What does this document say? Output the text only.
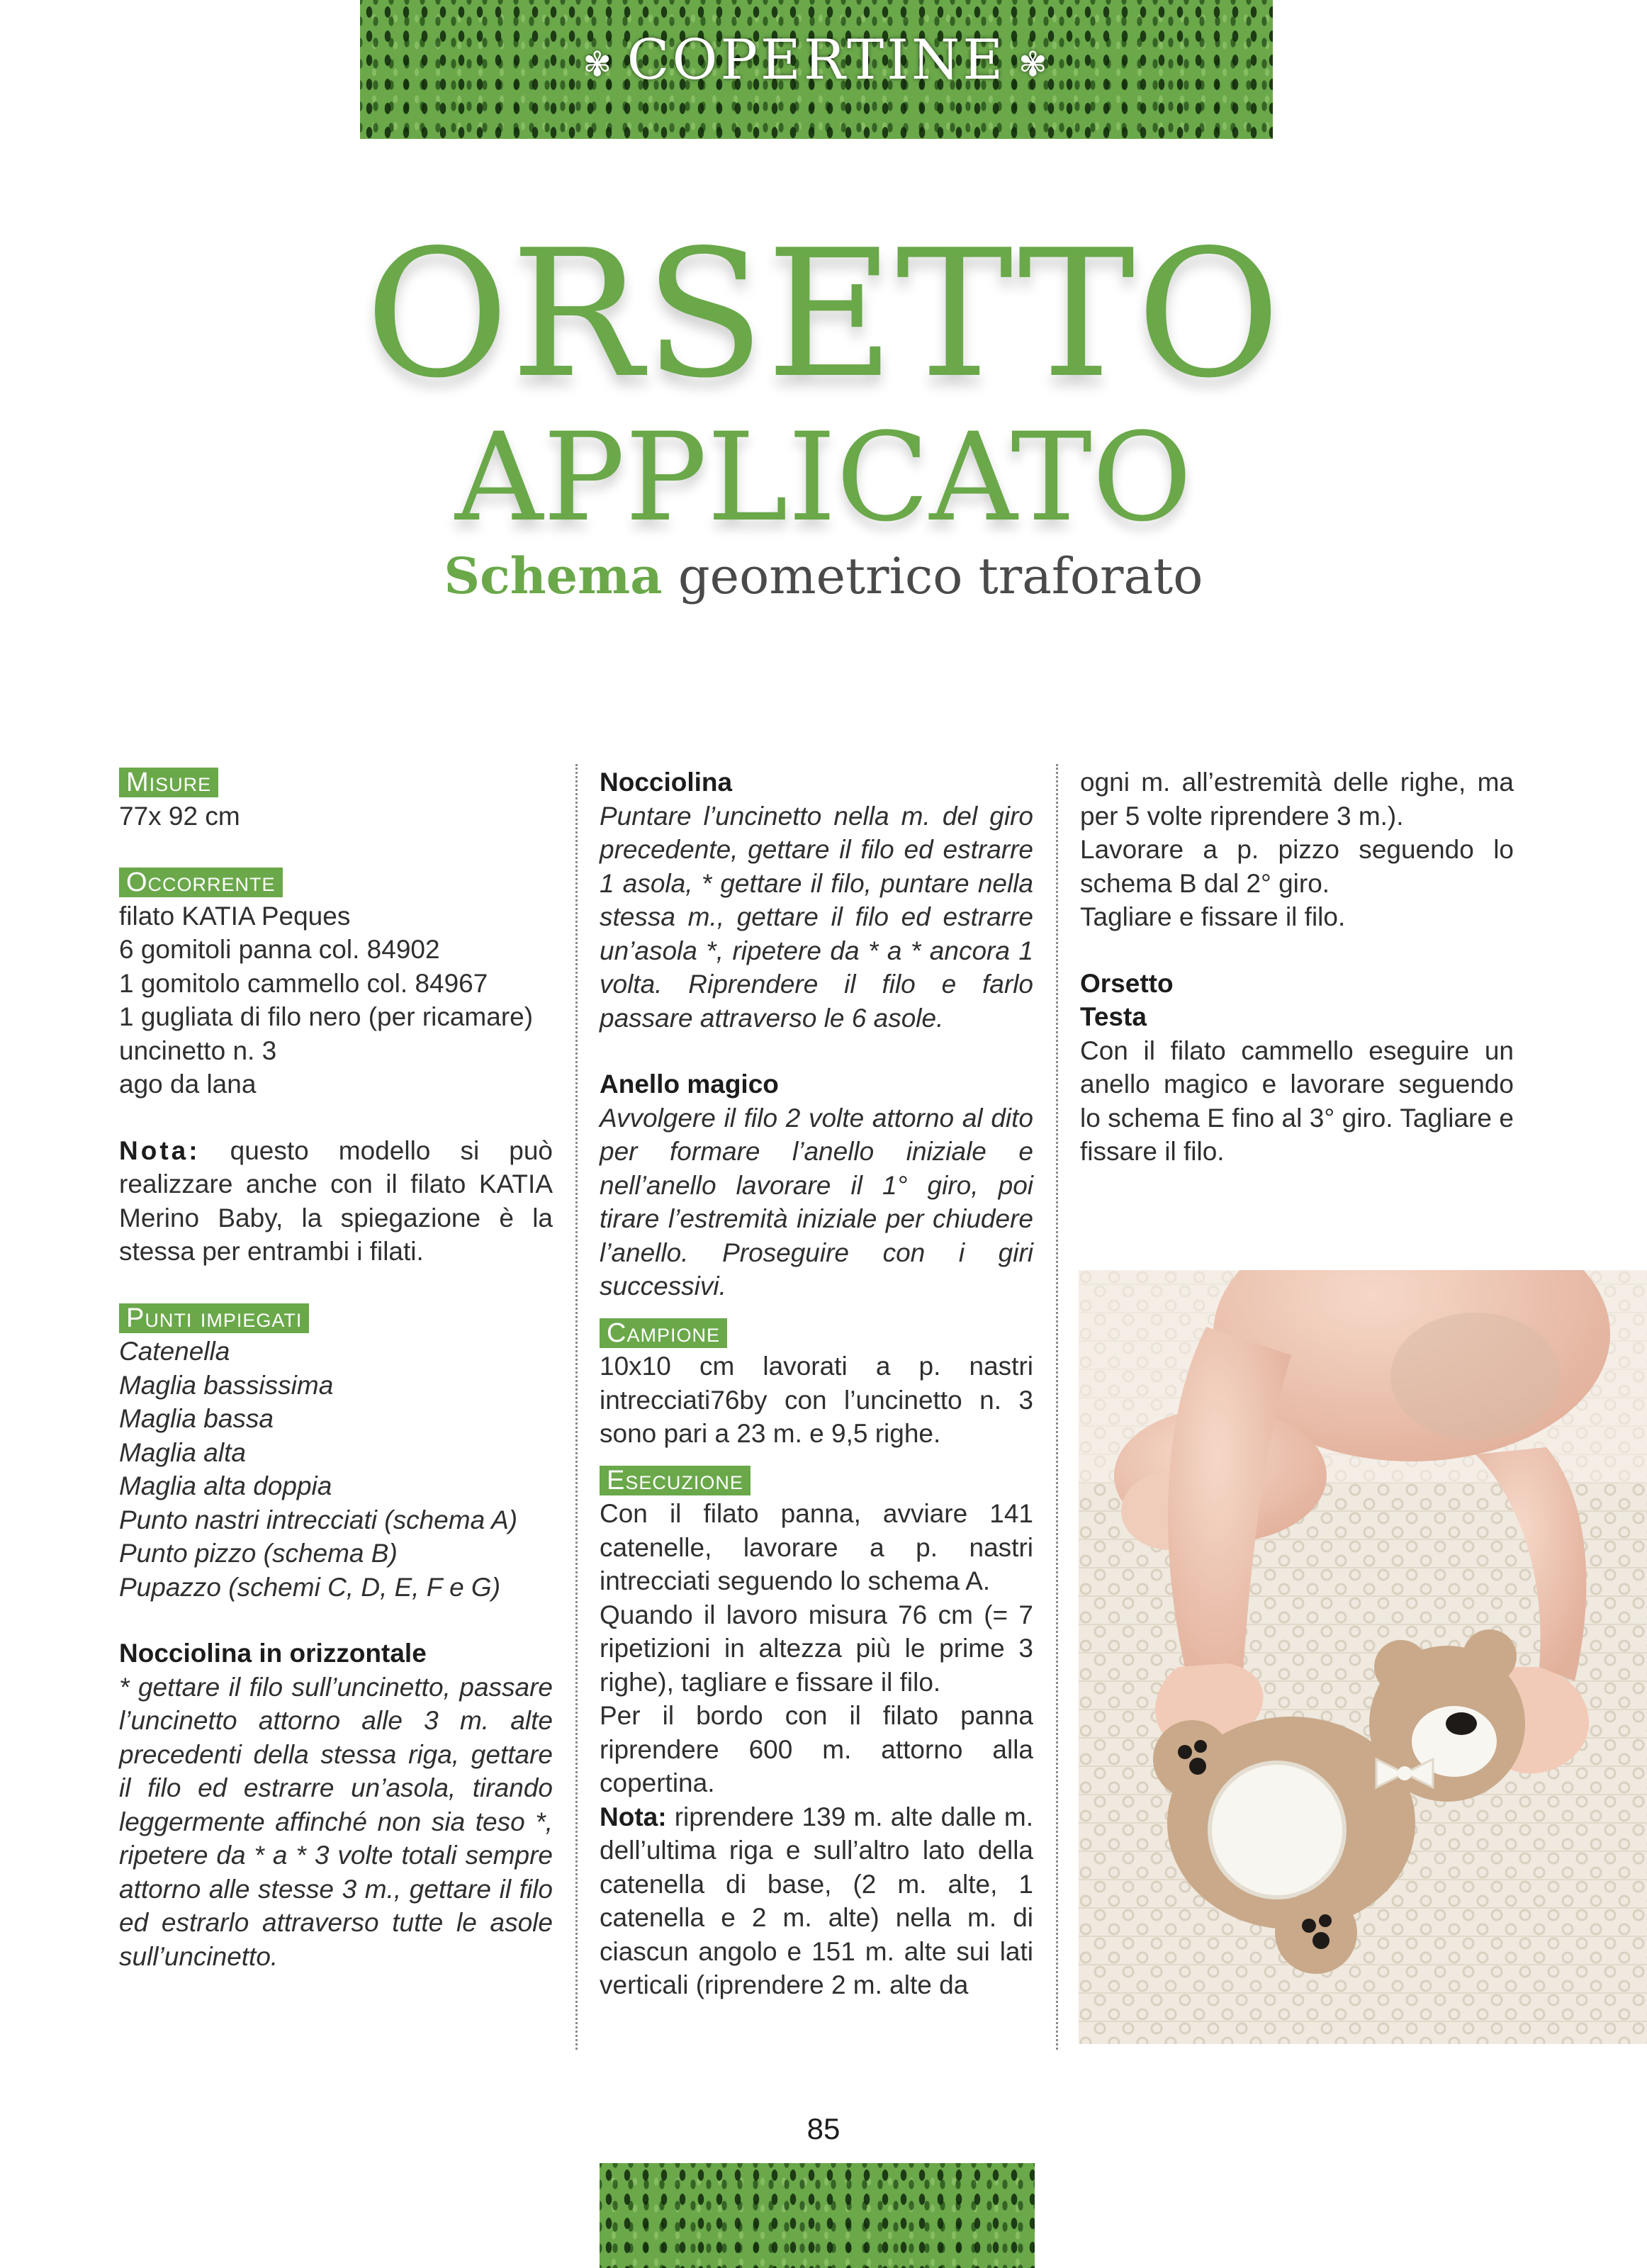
✾ COPERTINE ✾
ORSETTO
APPLICATO
Schema geometrico traforato
Misure

77x 92 cm

Occorrente

filato KATIA Peques

6 gomitoli panna col. 84902

1 gomitolo cammello col. 84967

1 gugliata di filo nero (per ricamare)

uncinetto n. 3

ago da lana

Nota: questo modello si può realizzare anche con il filato KATIA Merino Baby, la spiegazione è la stessa per entrambi i filati.

Punti impiegati

Catenella

Maglia bassissima

Maglia bassa

Maglia alta

Maglia alta doppia

Punto nastri intrecciati (schema A)

Punto pizzo (schema B)

Pupazzo (schemi C, D, E, F e G)

Nocciolina in orizzontale

* gettare il filo sull’uncinetto, passare l’uncinetto attorno alle 3 m. alte precedenti della stessa riga, gettare il filo ed estrarre un’asola, tirando leggermente affinché non sia teso *, ripetere da * a * 3 volte totali sempre attorno alle stesse 3 m., gettare il filo ed estrarlo attraverso tutte le asole sull’uncinetto.

Nocciolina

Puntare l’uncinetto nella m. del giro precedente, gettare il filo ed estrarre 1 asola, * gettare il filo, puntare nella stessa m., gettare il filo ed estrarre un’asola *, ripetere da * a * ancora 1 volta. Riprendere il filo e farlo passare attraverso le 6 asole.

Anello magico

Avvolgere il filo 2 volte attorno al dito per formare l’anello iniziale e nell’anello lavorare il 1° giro, poi tirare l’estremità iniziale per chiudere l’anello. Proseguire con i giri successivi.

Campione

10x10 cm lavorati a p. nastri intrecciati76by con l’uncinetto n. 3 sono pari a 23 m. e 9,5 righe.

Esecuzione

Con il filato panna, avviare 141 catenelle, lavorare a p. nastri intrecciati seguendo lo schema A.

Quando il lavoro misura 76 cm (= 7 ripetizioni in altezza più le prime 3 righe), tagliare e fissare il filo.

Per il bordo con il filato panna riprendere 600 m. attorno alla copertina.

Nota: riprendere 139 m. alte dalle m. dell’ultima riga e sull’altro lato della catenella di base, (2 m. alte, 1 catenella e 2 m. alte) nella m. di ciascun angolo e 151 m. alte sui lati verticali (riprendere 2 m. alte da

ogni m. all’estremità delle righe, ma per 5 volte riprendere 3 m.).

Lavorare a p. pizzo seguendo lo schema B dal 2° giro.

Tagliare e fissare il filo.

Orsetto

Testa

Con il filato cammello eseguire un anello magico e lavorare seguendo lo schema E fino al 3° giro. Tagliare e fissare il filo.

85
